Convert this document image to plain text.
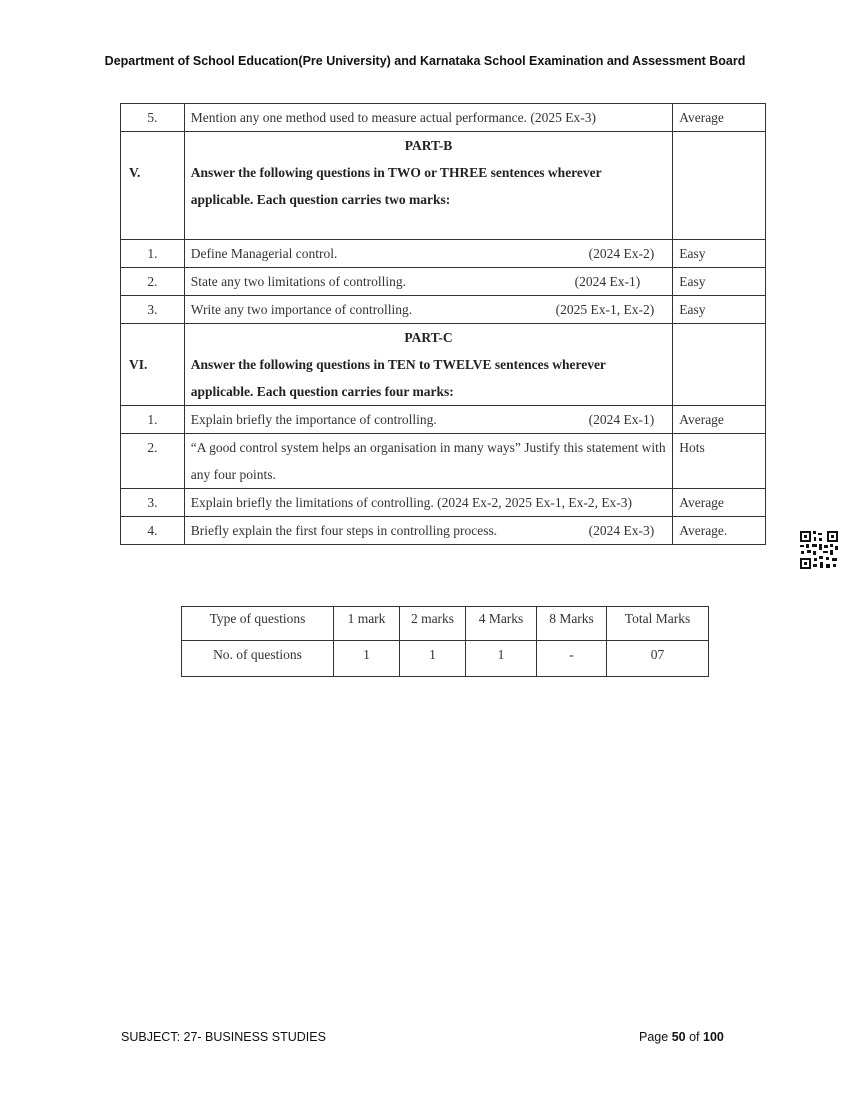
Department of School Education(Pre University) and Karnataka School Examination and Assessment Board
5.	Mention any one method used to measure actual performance. (2025 Ex-3)	Average

V.	PART-B
Answer the following questions in TWO or THREE sentences wherever applicable. Each question carries two marks:	

1.	Define Managerial control. (2024 Ex-2)	Easy
2.	State any two limitations of controlling. (2024 Ex-1)	Easy
3.	Write any two importance of controlling. (2025 Ex-1, Ex-2)	Easy

VI.	PART-C
Answer the following questions in TEN to TWELVE sentences wherever applicable. Each question carries four marks:	

1.	Explain briefly the importance of controlling. (2024 Ex-1)	Average
2.	“A good control system helps an organisation in many ways” Justify this statement with any four points.	Hots
3.	Explain briefly the limitations of controlling. (2024 Ex-2, 2025 Ex-1, Ex-2, Ex-3)	Average
4.	Briefly explain the first four steps in controlling process. (2024 Ex-3)	Average.
Type of questions	1 mark	2 marks	4 Marks	8 Marks	Total Marks
No. of questions	1	1	1	-	07
SUBJECT: 27- BUSINESS STUDIES	Page 50 of 100
